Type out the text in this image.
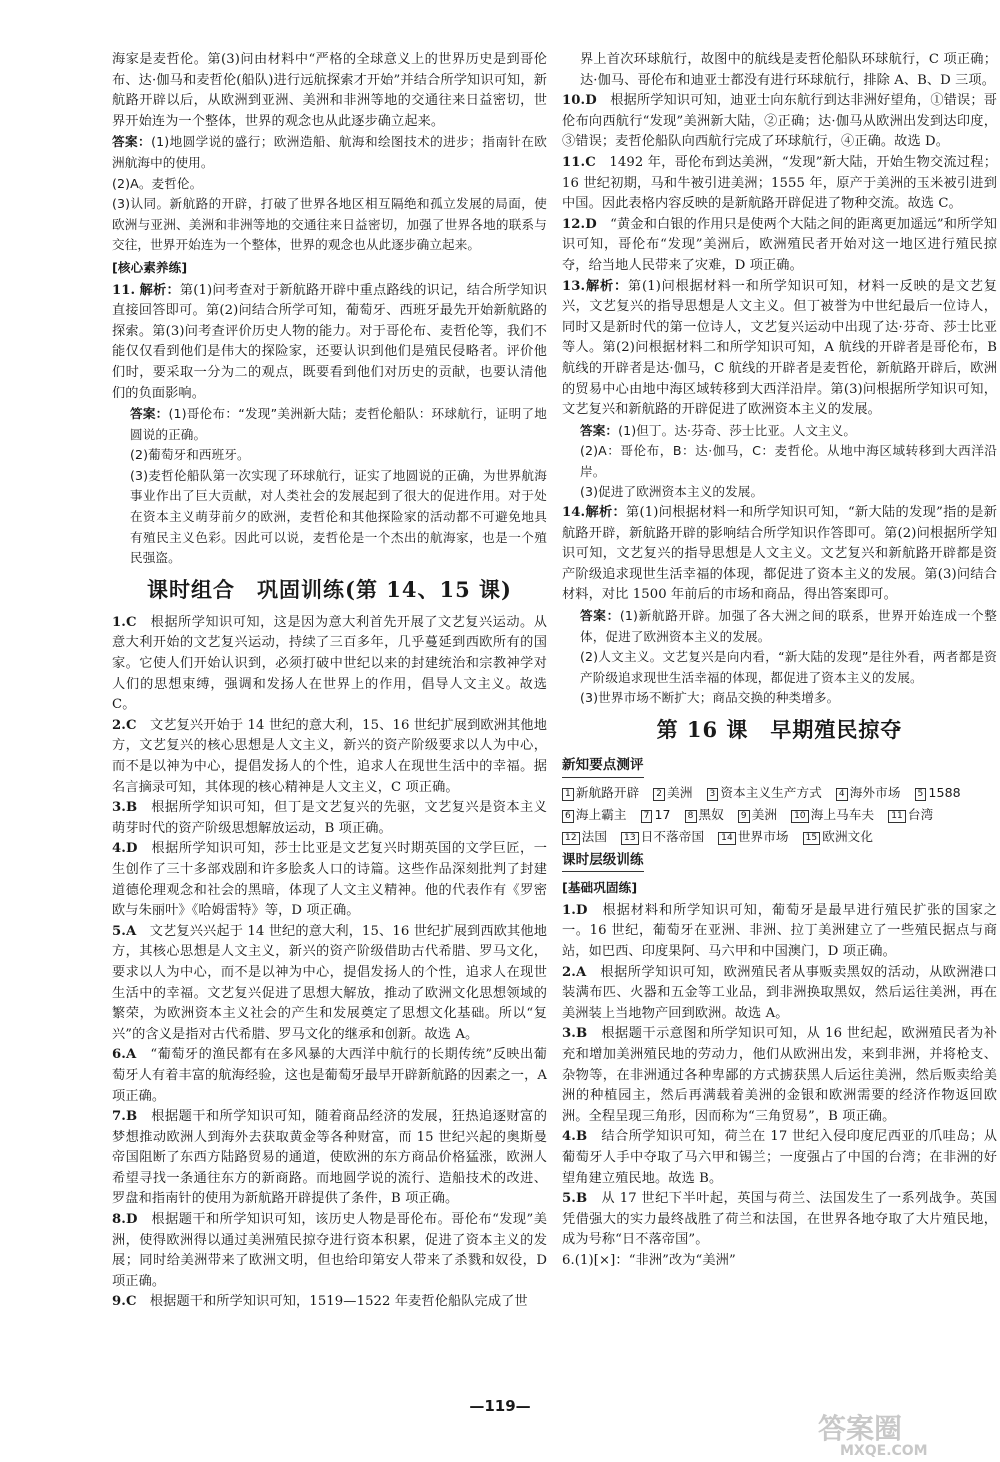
海家是麦哲伦。第(3)问由材料中“严格的全球意义上的世界历史是到哥伦布、达·伽马和麦哲伦(船队)进行远航探索才开始”并结合所学知识可知，新航路开辟以后，从欧洲到亚洲、美洲和非洲等地的交通往来日益密切，世界开始连为一个整体，世界的观念也从此逐步确立起来。

答案：(1)地圆学说的盛行；欧洲造船、航海和绘图技术的进步；指南针在欧洲航海中的使用。

(2)A。麦哲伦。

(3)认同。新航路的开辟，打破了世界各地区相互隔绝和孤立发展的局面，使欧洲与亚洲、美洲和非洲等地的交通往来日益密切，加强了世界各地的联系与交往，世界开始连为一个整体，世界的观念也从此逐步确立起来。

[核心素养练]

11. 解析：第(1)问考查对于新航路开辟中重点路线的识记，结合所学知识直接回答即可。第(2)问结合所学可知，葡萄牙、西班牙最先开始新航路的探索。第(3)问考查评价历史人物的能力。对于哥伦布、麦哲伦等，我们不能仅仅看到他们是伟大的探险家，还要认识到他们是殖民侵略者。评价他们时，要采取一分为二的观点，既要看到他们对历史的贡献，也要认清他们的负面影响。

答案：(1)哥伦布：“发现”美洲新大陆；麦哲伦船队：环球航行，证明了地圆说的正确。

(2)葡萄牙和西班牙。

(3)麦哲伦船队第一次实现了环球航行，证实了地圆说的正确，为世界航海事业作出了巨大贡献，对人类社会的发展起到了很大的促进作用。对于处在资本主义萌芽前夕的欧洲，麦哲伦和其他探险家的活动都不可避免地具有殖民主义色彩。因此可以说，麦哲伦是一个杰出的航海家，也是一个殖民强盗。

课时组合　巩固训练(第 14、15 课)

1.C　 根据所学知识可知，这是因为意大利首先开展了文艺复兴运动。从意大利开始的文艺复兴运动，持续了三百多年，几乎蔓延到西欧所有的国家。它使人们开始认识到，必须打破中世纪以来的封建统治和宗教神学对人们的思想束缚，强调和发扬人在世界上的作用，倡导人文主义。故选 C。

2.C　 文艺复兴开始于 14 世纪的意大利，15、16 世纪扩展到欧洲其他地方，文艺复兴的核心思想是人文主义，新兴的资产阶级要求以人为中心，而不是以神为中心，提倡发扬人的个性，追求人在现世生活中的幸福。据名言摘录可知，其体现的核心精神是人文主义，C 项正确。

3.B　 根据所学知识可知，但丁是文艺复兴的先驱，文艺复兴是资本主义萌芽时代的资产阶级思想解放运动，B 项正确。

4.D　 根据所学知识可知，莎士比亚是文艺复兴时期英国的文学巨匠，一生创作了三十多部戏剧和许多脍炙人口的诗篇。这些作品深刻批判了封建道德伦理观念和社会的黑暗，体现了人文主义精神。他的代表作有《罗密欧与朱丽叶》《哈姆雷特》等，D 项正确。

5.A　 文艺复兴兴起于 14 世纪的意大利，15、16 世纪扩展到西欧其他地方，其核心思想是人文主义，新兴的资产阶级借助古代希腊、罗马文化，要求以人为中心，而不是以神为中心，提倡发扬人的个性，追求人在现世生活中的幸福。文艺复兴促进了思想大解放，推动了欧洲文化思想领域的繁荣，为欧洲资本主义社会的产生和发展奠定了思想文化基础。所以“复兴”的含义是指对古代希腊、罗马文化的继承和创新。故选 A。

6.A　 “葡萄牙的渔民都有在多风暴的大西洋中航行的长期传统”反映出葡萄牙人有着丰富的航海经验，这也是葡萄牙最早开辟新航路的因素之一，A 项正确。

7.B　 根据题干和所学知识可知，随着商品经济的发展，狂热追逐财富的梦想推动欧洲人到海外去获取黄金等各种财富，而 15 世纪兴起的奥斯曼帝国阻断了东西方陆路贸易的通道，使欧洲的东方商品价格猛涨，欧洲人希望寻找一条通往东方的新商路。而地圆学说的流行、造船技术的改进、罗盘和指南针的使用为新航路开辟提供了条件，B 项正确。

8.D　 根据题干和所学知识可知，该历史人物是哥伦布。哥伦布“发现”美洲，使得欧洲得以通过美洲殖民掠夺进行资本积累，促进了资本主义的发展；同时给美洲带来了欧洲文明，但也给印第安人带来了杀戮和奴役，D 项正确。

9.C　 根据题干和所学知识可知，1519—1522 年麦哲伦船队完成了世

界上首次环球航行，故图中的航线是麦哲伦船队环球航行，C 项正确；达·伽马、哥伦布和迪亚士都没有进行环球航行，排除 A、B、D 三项。

10.D　 根据所学知识可知，迪亚士向东航行到达非洲好望角，①错误；哥伦布向西航行“发现”美洲新大陆，②正确；达·伽马从欧洲出发到达印度，③错误；麦哲伦船队向西航行完成了环球航行，④正确。故选 D。

11.C　 1492 年，哥伦布到达美洲，“发现”新大陆，开始生物交流过程；16 世纪初期，马和牛被引进美洲；1555 年，原产于美洲的玉米被引进到中国。因此表格内容反映的是新航路开辟促进了物种交流。故选 C。

12.D　 “黄金和白银的作用只是使两个大陆之间的距离更加遥远”和所学知识可知，哥伦布“发现”美洲后，欧洲殖民者开始对这一地区进行殖民掠夺，给当地人民带来了灾难，D 项正确。

13.解析：第(1)问根据材料一和所学知识可知，材料一反映的是文艺复兴，文艺复兴的指导思想是人文主义。但丁被誉为中世纪最后一位诗人，同时又是新时代的第一位诗人，文艺复兴运动中出现了达·芬奇、莎士比亚等人。第(2)问根据材料二和所学知识可知，A 航线的开辟者是哥伦布，B 航线的开辟者是达·伽马，C 航线的开辟者是麦哲伦，新航路开辟后，欧洲的贸易中心由地中海区域转移到大西洋沿岸。第(3)问根据所学知识可知，文艺复兴和新航路的开辟促进了欧洲资本主义的发展。

答案：(1)但丁。达·芬奇、莎士比亚。人文主义。

(2)A：哥伦布，B：达·伽马，C：麦哲伦。从地中海区域转移到大西洋沿岸。

(3)促进了欧洲资本主义的发展。

14.解析：第(1)问根据材料一和所学知识可知，“新大陆的发现”指的是新航路开辟，新航路开辟的影响结合所学知识作答即可。第(2)问根据所学知识可知，文艺复兴的指导思想是人文主义。文艺复兴和新航路开辟都是资产阶级追求现世生活幸福的体现，都促进了资本主义的发展。第(3)问结合材料，对比 1500 年前后的市场和商品，得出答案即可。

答案：(1)新航路开辟。加强了各大洲之间的联系，世界开始连成一个整体，促进了欧洲资本主义的发展。

(2)人文主义。文艺复兴是向内看，“新大陆的发现”是往外看，两者都是资产阶级追求现世生活幸福的体现，都促进了资本主义的发展。

(3)世界市场不断扩大；商品交换的种类增多。

第 16 课　早期殖民掠夺
新知要点测评
1 新航路开辟	2 美洲	3 资本主义生产方式	4 海外市场	5 1588
6 海上霸主	7 17	8 黑奴	9 美洲	10 海上马车夫	11 台湾
12 法国	13 日不落帝国	14 世界市场	15 欧洲文化
课时层级训练
[基础巩固练]

1.D　 根据材料和所学知识可知，葡萄牙是最早进行殖民扩张的国家之一。16 世纪，葡萄牙在亚洲、非洲、拉丁美洲建立了一些殖民据点与商站，如巴西、印度果阿、马六甲和中国澳门，D 项正确。

2.A　 根据所学知识可知，欧洲殖民者从事贩卖黑奴的活动，从欧洲港口装满布匹、火器和五金等工业品，到非洲换取黑奴，然后运往美洲，再在美洲装上当地物产回到欧洲。故选 A。

3.B　 根据题干示意图和所学知识可知，从 16 世纪起，欧洲殖民者为补充和增加美洲殖民地的劳动力，他们从欧洲出发，来到非洲，并将枪支、杂物等，在非洲通过各种卑鄙的方式掳获黑人后运往美洲，然后贩卖给美洲的种植园主，然后再满载着美洲的金银和欧洲需要的经济作物返回欧洲。全程呈现三角形，因而称为“三角贸易”，B 项正确。

4.B　 结合所学知识可知，荷兰在 17 世纪入侵印度尼西亚的爪哇岛；从葡萄牙人手中夺取了马六甲和锡兰；一度强占了中国的台湾；在非洲的好望角建立殖民地。故选 B。

5.B　 从 17 世纪下半叶起，英国与荷兰、法国发生了一系列战争。英国凭借强大的实力最终战胜了荷兰和法国，在世界各地夺取了大片殖民地，成为号称“日不落帝国”。

6.(1)[×]：“非洲”改为“美洲”

—119—
答案圈
MXQE.COM
